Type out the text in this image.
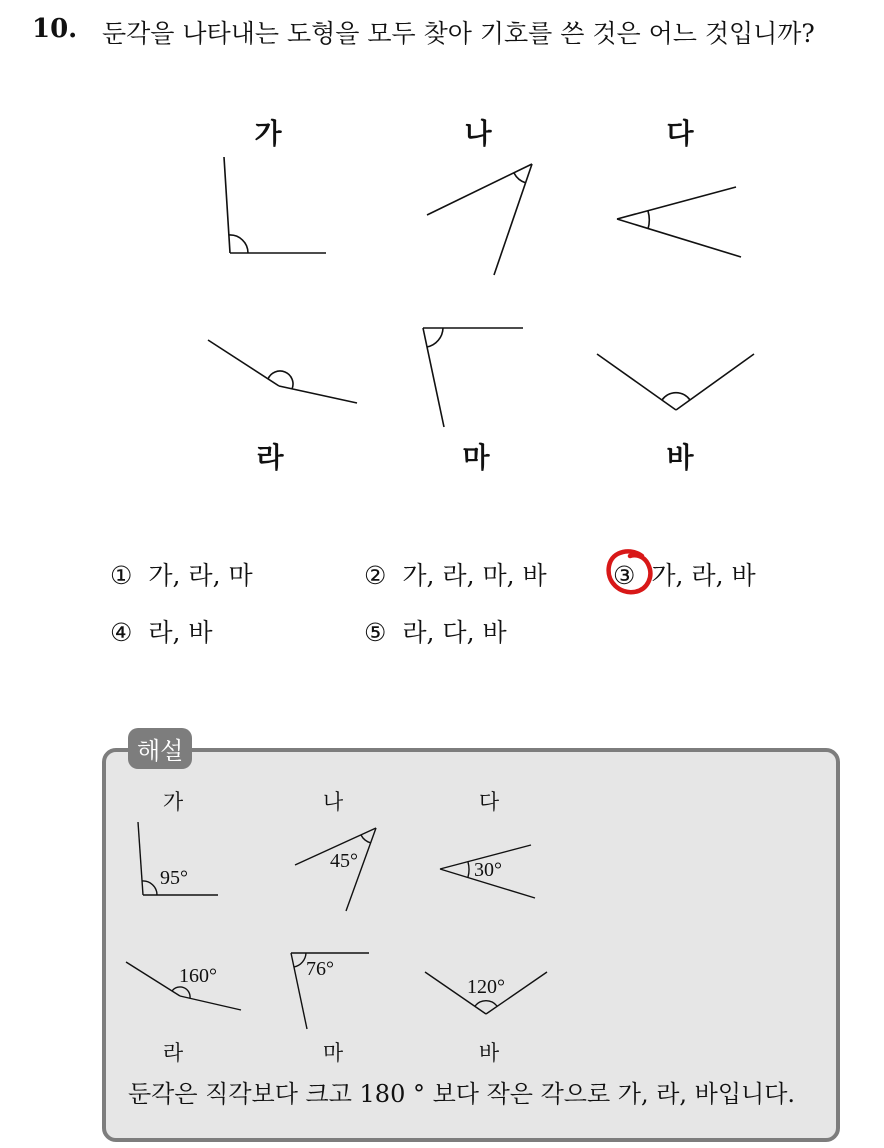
10. 둔각을 나타내는 도형을 모두 찾아 기호를 쓴 것은 어느 것입니까?
가	나	다
라	마	바
① 가, 라, 마	② 가, 라, 마, 바	③ 가, 라, 바
④ 라, 바	⑤ 라, 다, 바
해설
가	나	다
라	마	바
95°
45°	30°
160°	76°
120°
둔각은 직각보다 크고 180 ° 보다 작은 각으로 가, 라, 바입니다.
